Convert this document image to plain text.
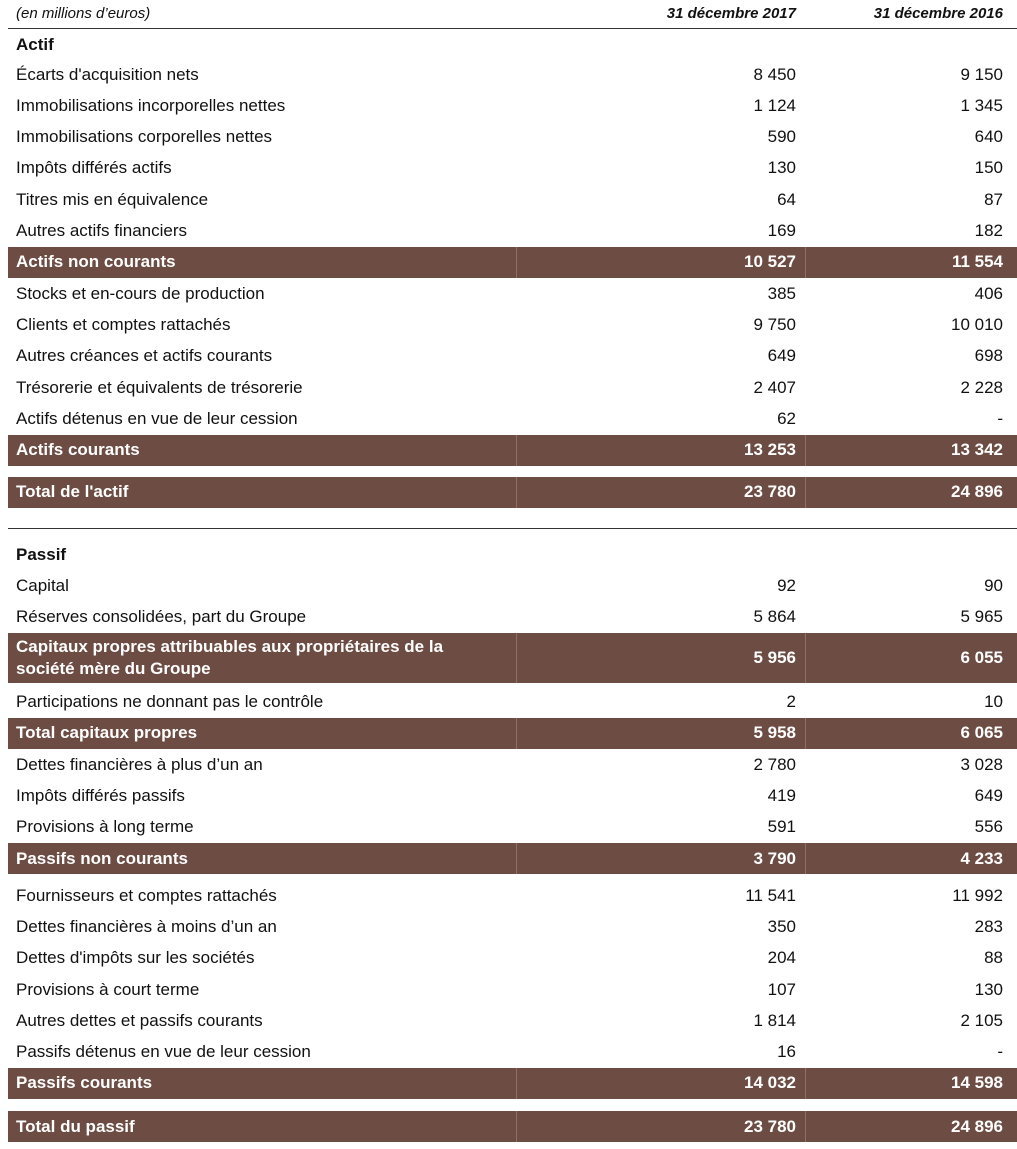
(en millions d’euros)	31 décembre 2017	31 décembre 2016
Actif
Écarts d'acquisition nets	8 450	9 150
Immobilisations incorporelles nettes	1 124	1 345
Immobilisations corporelles nettes	590	640
Impôts différés actifs	130	150
Titres mis en équivalence	64	87
Autres actifs financiers	169	182
Actifs non courants	10 527	11 554
Stocks et en-cours de production	385	406
Clients et comptes rattachés	9 750	10 010
Autres créances et actifs courants	649	698
Trésorerie et équivalents de trésorerie	2 407	2 228
Actifs détenus en vue de leur cession	62	-
Actifs courants	13 253	13 342
Total de l'actif	23 780	24 896
Passif
Capital	92	90
Réserves consolidées, part du Groupe	5 864	5 965
Capitaux propres attribuables aux propriétaires de la
société mère du Groupe
5 956	6 055
Participations ne donnant pas le contrôle	2	10
Total capitaux propres	5 958	6 065
Dettes financières à plus d’un an	2 780	3 028
Impôts différés passifs	419	649
Provisions à long terme	591	556
Passifs non courants	3 790	4 233
Fournisseurs et comptes rattachés	11 541	11 992
Dettes financières à moins d’un an	350	283
Dettes d'impôts sur les sociétés	204	88
Provisions à court terme	107	130
Autres dettes et passifs courants	1 814	2 105
Passifs détenus en vue de leur cession	16	-
Passifs courants	14 032	14 598
Total du passif	23 780	24 896
